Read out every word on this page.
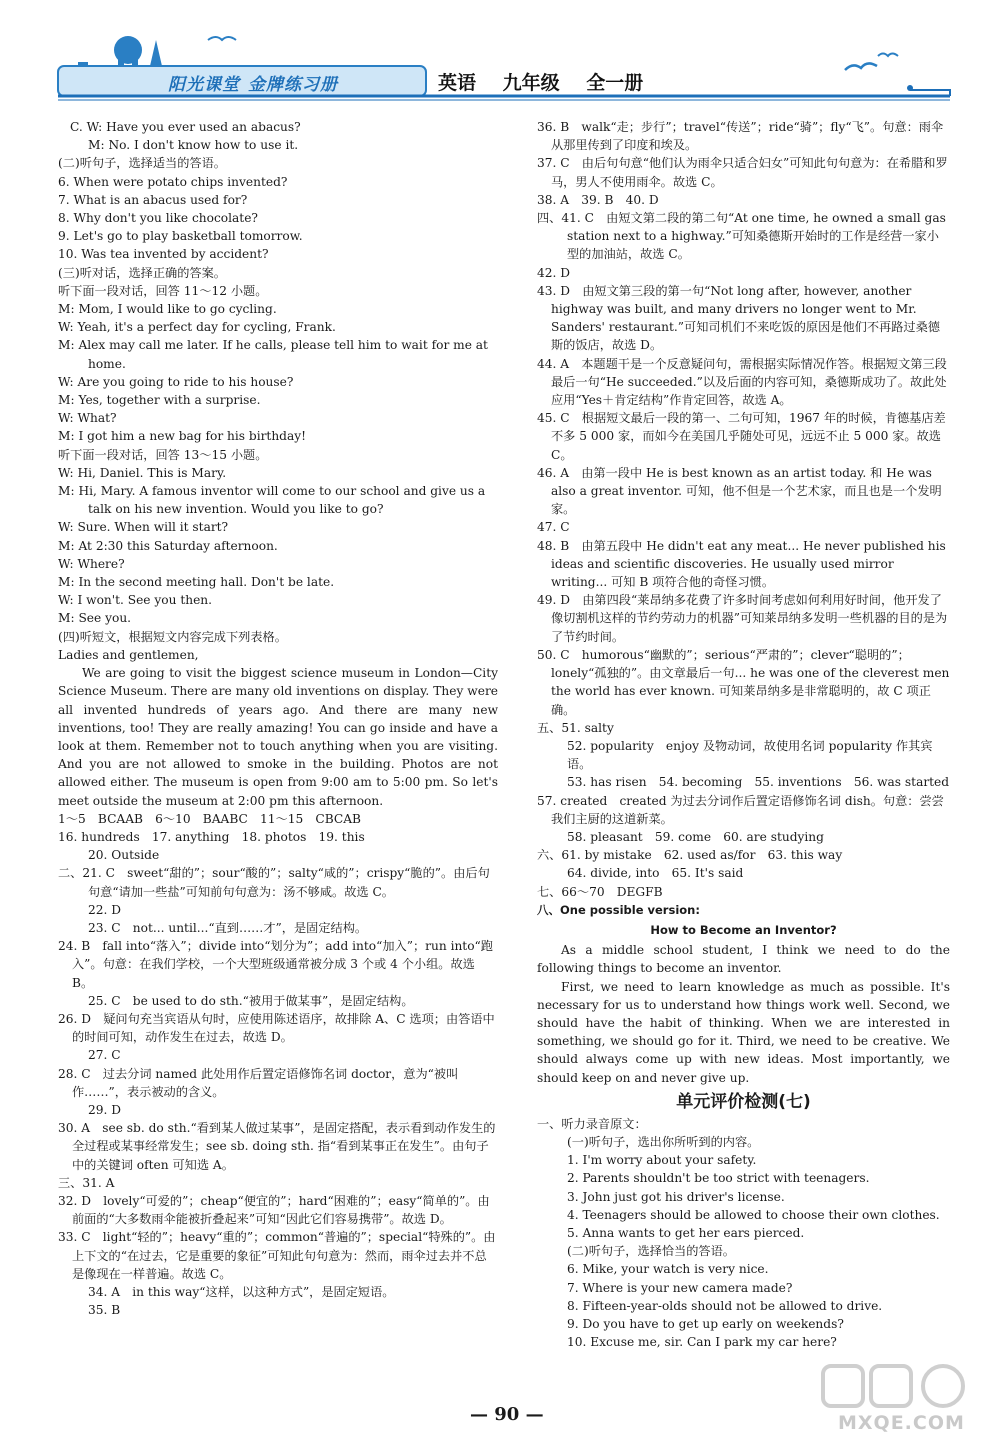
阳光课堂 金牌练习册	英语 九年级 全一册

C. W: Have you ever used an abacus?

M: No. I don't know how to use it.

(二)听句子，选择适当的答语。

6. When were potato chips invented?

7. What is an abacus used for?

8. Why don't you like chocolate?

9. Let's go to play basketball tomorrow.

10. Was tea invented by accident?

(三)听对话，选择正确的答案。

听下面一段对话，回答 11～12 小题。

M: Mom, I would like to go cycling.

W: Yeah, it's a perfect day for cycling, Frank.

M: Alex may call me later. If he calls, please tell him to wait for me at home.

W: Are you going to ride to his house?

M: Yes, together with a surprise.

W: What?

M: I got him a new bag for his birthday!

听下面一段对话，回答 13～15 小题。

W: Hi, Daniel. This is Mary.

M: Hi, Mary. A famous inventor will come to our school and give us a talk on his new invention. Would you like to go?

W: Sure. When will it start?

M: At 2:30 this Saturday afternoon.

W: Where?

M: In the second meeting hall. Don't be late.

W: I won't. See you then.

M: See you.

(四)听短文，根据短文内容完成下列表格。

Ladies and gentlemen,

We are going to visit the biggest science museum in London—City Science Museum. There are many old inventions on display. They were all invented hundreds of years ago. And there are many new inventions, too! They are really amazing! You can go inside and have a look at them. Remember not to touch anything when you are visiting. And you are not allowed to smoke in the building. Photos are not allowed either. The museum is open from 9:00 am to 5:00 pm. So let's meet outside the museum at 2:00 pm this afternoon.

1～5　BCAAB　6～10　BAABC　11～15　CBCAB

16. hundreds　17. anything　18. photos　19. this

20. Outside

二、21. C　sweet“甜的”；sour“酸的”；salty“咸的”；crispy“脆的”。由后句句意“请加一些盐”可知前句句意为：汤不够咸。故选 C。

22. D

23. C　not... until...“直到……才”，是固定结构。

24. B　fall into“落入”；divide into“划分为”；add into“加入”；run into“跑入”。句意：在我们学校，一个大型班级通常被分成 3 个或 4 个小组。故选 B。

25. C　be used to do sth.“被用于做某事”，是固定结构。

26. D　疑问句充当宾语从句时，应使用陈述语序，故排除 A、C 选项；由答语中的时间可知，动作发生在过去，故选 D。

27. C

28. C　过去分词 named 此处用作后置定语修饰名词 doctor，意为“被叫作……”，表示被动的含义。

29. D

30. A　see sb. do sth.“看到某人做过某事”，是固定搭配，表示看到动作发生的全过程或某事经常发生；see sb. doing sth. 指“看到某事正在发生”。由句子中的关键词 often 可知选 A。

三、31. A

32. D　lovely“可爱的”；cheap“便宜的”；hard“困难的”；easy“简单的”。由前面的“大多数雨伞能被折叠起来”可知“因此它们容易携带”。故选 D。

33. C　light“轻的”；heavy“重的”；common“普遍的”；special“特殊的”。由上下文的“在过去，它是重要的象征”可知此句句意为：然而，雨伞过去并不总是像现在一样普遍。故选 C。

34. A　in this way“这样，以这种方式”，是固定短语。

35. B

36. B　walk“走；步行”；travel“传送”；ride“骑”；fly“飞”。句意：雨伞从那里传到了印度和埃及。

37. C　由后句句意“他们认为雨伞只适合妇女”可知此句句意为：在希腊和罗马，男人不使用雨伞。故选 C。

38. A　39. B　40. D

四、41. C　由短文第二段的第二句“At one time, he owned a small gas station next to a highway.”可知桑德斯开始时的工作是经营一家小型的加油站，故选 C。

42. D

43. D　由短文第三段的第一句“Not long after, however, another highway was built, and many drivers no longer went to Mr. Sanders' restaurant.”可知司机们不来吃饭的原因是他们不再路过桑德斯的饭店，故选 D。

44. A　本题题干是一个反意疑问句，需根据实际情况作答。根据短文第三段最后一句“He succeeded.”以及后面的内容可知，桑德斯成功了。故此处应用“Yes＋肯定结构”作肯定回答，故选 A。

45. C　根据短文最后一段的第一、二句可知，1967 年的时候，肯德基店差不多 5 000 家，而如今在美国几乎随处可见，远远不止 5 000 家。故选 C。

46. A　由第一段中 He is best known as an artist today. 和 He was also a great inventor. 可知，他不但是一个艺术家，而且也是一个发明家。

47. C

48. B　由第五段中 He didn't eat any meat... He never published his ideas and scientific discoveries. He usually used mirror writing... 可知 B 项符合他的奇怪习惯。

49. D　由第四段“莱昂纳多花费了许多时间考虑如何利用好时间，他开发了像切割机这样的节约劳动力的机器”可知莱昂纳多发明一些机器的目的是为了节约时间。

50. C　humorous“幽默的”；serious“严肃的”；clever“聪明的”；lonely“孤独的”。由文章最后一句... he was one of the cleverest men the world has ever known. 可知莱昂纳多是非常聪明的，故 C 项正确。

五、51. salty

52. popularity　enjoy 及物动词，故使用名词 popularity 作其宾语。

53. has risen　54. becoming　55. inventions　56. was started

57. created　created 为过去分词作后置定语修饰名词 dish。句意：尝尝我们主厨的这道新菜。

58. pleasant　59. come　60. are studying

六、61. by mistake　62. used as/for　63. this way

64. divide, into　65. It's said

七、66～70　DEGFB

八、One possible version:

How to Become an Inventor?

As a middle school student, I think we need to do the following things to become an inventor.

First, we need to learn knowledge as much as possible. It's necessary for us to understand how things work well. Second, we should have the habit of thinking. When we are interested in something, we should go for it. Third, we need to be creative. We should always come up with new ideas. Most importantly, we should keep on and never give up.

单元评价检测(七)

一、听力录音原文：

(一)听句子，选出你所听到的内容。

1. I'm worry about your safety.

2. Parents shouldn't be too strict with teenagers.

3. John just got his driver's license.

4. Teenagers should be allowed to choose their own clothes.

5. Anna wants to get her ears pierced.

(二)听句子，选择恰当的答语。

6. Mike, your watch is very nice.

7. Where is your new camera made?

8. Fifteen-year-olds should not be allowed to drive.

9. Do you have to get up early on weekends?

10. Excuse me, sir. Can I park my car here?

— 90 —	MXQE.COM
